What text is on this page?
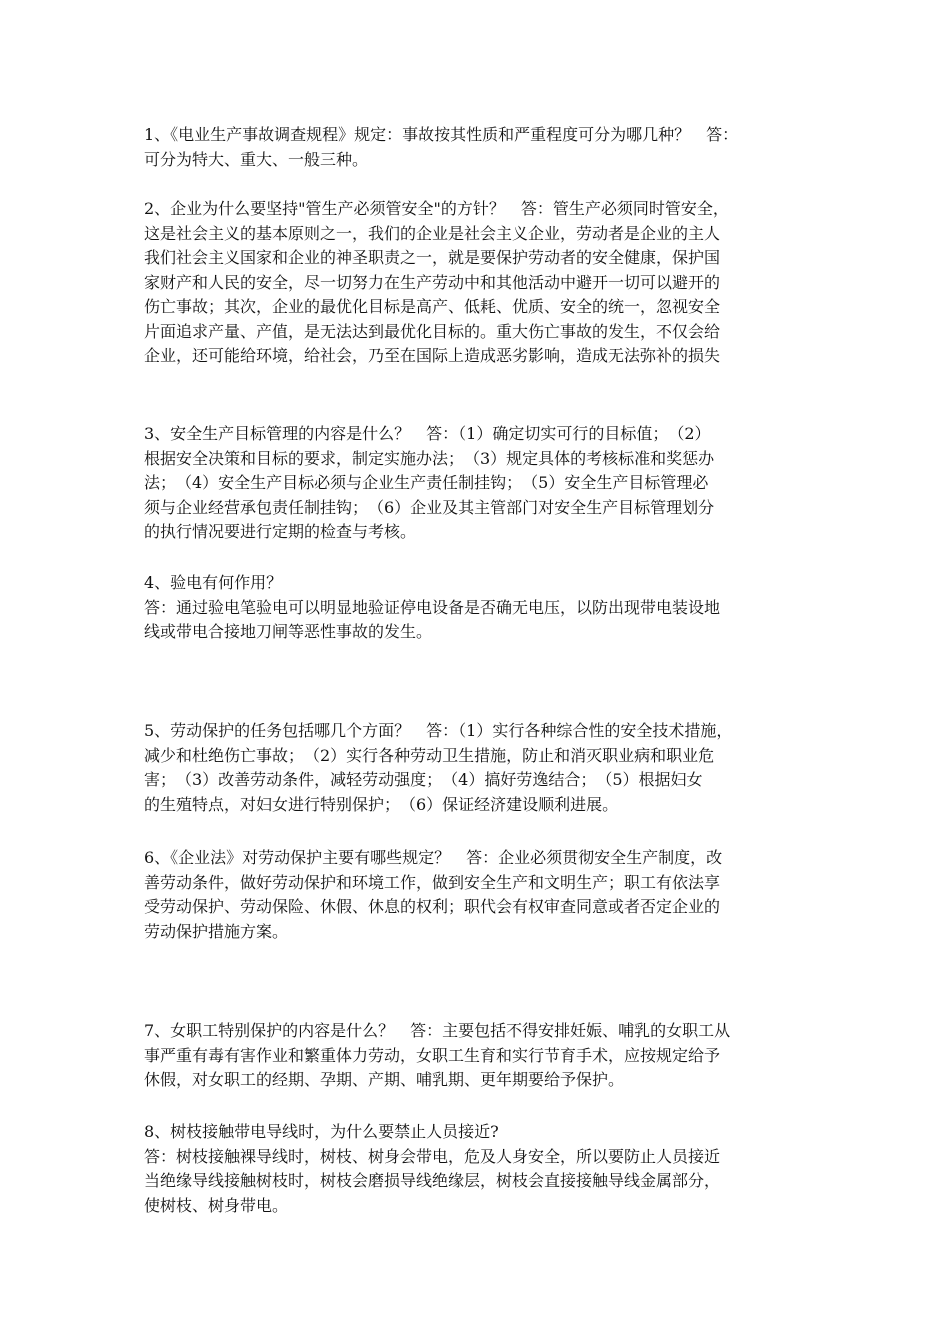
1、《电业生产事故调查规程》规定：事故按其性质和严重程度可分为哪几种？　答：
可分为特大、重大、一般三种。
2、企业为什么要坚持"管生产必须管安全"的方针？　答：管生产必须同时管安全，
这是社会主义的基本原则之一，我们的企业是社会主义企业，劳动者是企业的主人
我们社会主义国家和企业的神圣职责之一，就是要保护劳动者的安全健康，保护国
家财产和人民的安全，尽一切努力在生产劳动中和其他活动中避开一切可以避开的
伤亡事故；其次，企业的最优化目标是高产、低耗、优质、安全的统一，忽视安全
片面追求产量、产值，是无法达到最优化目标的。重大伤亡事故的发生，不仅会给
企业，还可能给环境，给社会，乃至在国际上造成恶劣影响，造成无法弥补的损失
3、安全生产目标管理的内容是什么？　答：（1）确定切实可行的目标值；　（2）
根据安全决策和目标的要求，制定实施办法；　（3）规定具体的考核标准和奖惩办
法；　（4）安全生产目标必须与企业生产责任制挂钩；　（5）安全生产目标管理必
须与企业经营承包责任制挂钩；　（6）企业及其主管部门对安全生产目标管理划分
的执行情况要进行定期的检查与考核。
4、验电有何作用？
答：通过验电笔验电可以明显地验证停电设备是否确无电压，以防出现带电装设地
线或带电合接地刀闸等恶性事故的发生。
5、劳动保护的任务包括哪几个方面？　答：（1）实行各种综合性的安全技术措施，
减少和杜绝伤亡事故；　（2）实行各种劳动卫生措施，防止和消灭职业病和职业危
害；　（3）改善劳动条件，减轻劳动强度；　（4）搞好劳逸结合；　（5）根据妇女
的生殖特点，对妇女进行特别保护；　（6）保证经济建设顺利进展。
6、《企业法》对劳动保护主要有哪些规定？　答：企业必须贯彻安全生产制度，改
善劳动条件，做好劳动保护和环境工作，做到安全生产和文明生产；职工有依法享
受劳动保护、劳动保险、休假、休息的权利；职代会有权审查同意或者否定企业的
劳动保护措施方案。
7、女职工特别保护的内容是什么？　答：主要包括不得安排妊娠、哺乳的女职工从
事严重有毒有害作业和繁重体力劳动，女职工生育和实行节育手术，应按规定给予
休假，对女职工的经期、孕期、产期、哺乳期、更年期要给予保护。
8、树枝接触带电导线时，为什么要禁止人员接近?
答：树枝接触裸导线时，树枝、树身会带电，危及人身安全，所以要防止人员接近
当绝缘导线接触树枝时，树枝会磨损导线绝缘层，树枝会直接接触导线金属部分，
使树枝、树身带电。
